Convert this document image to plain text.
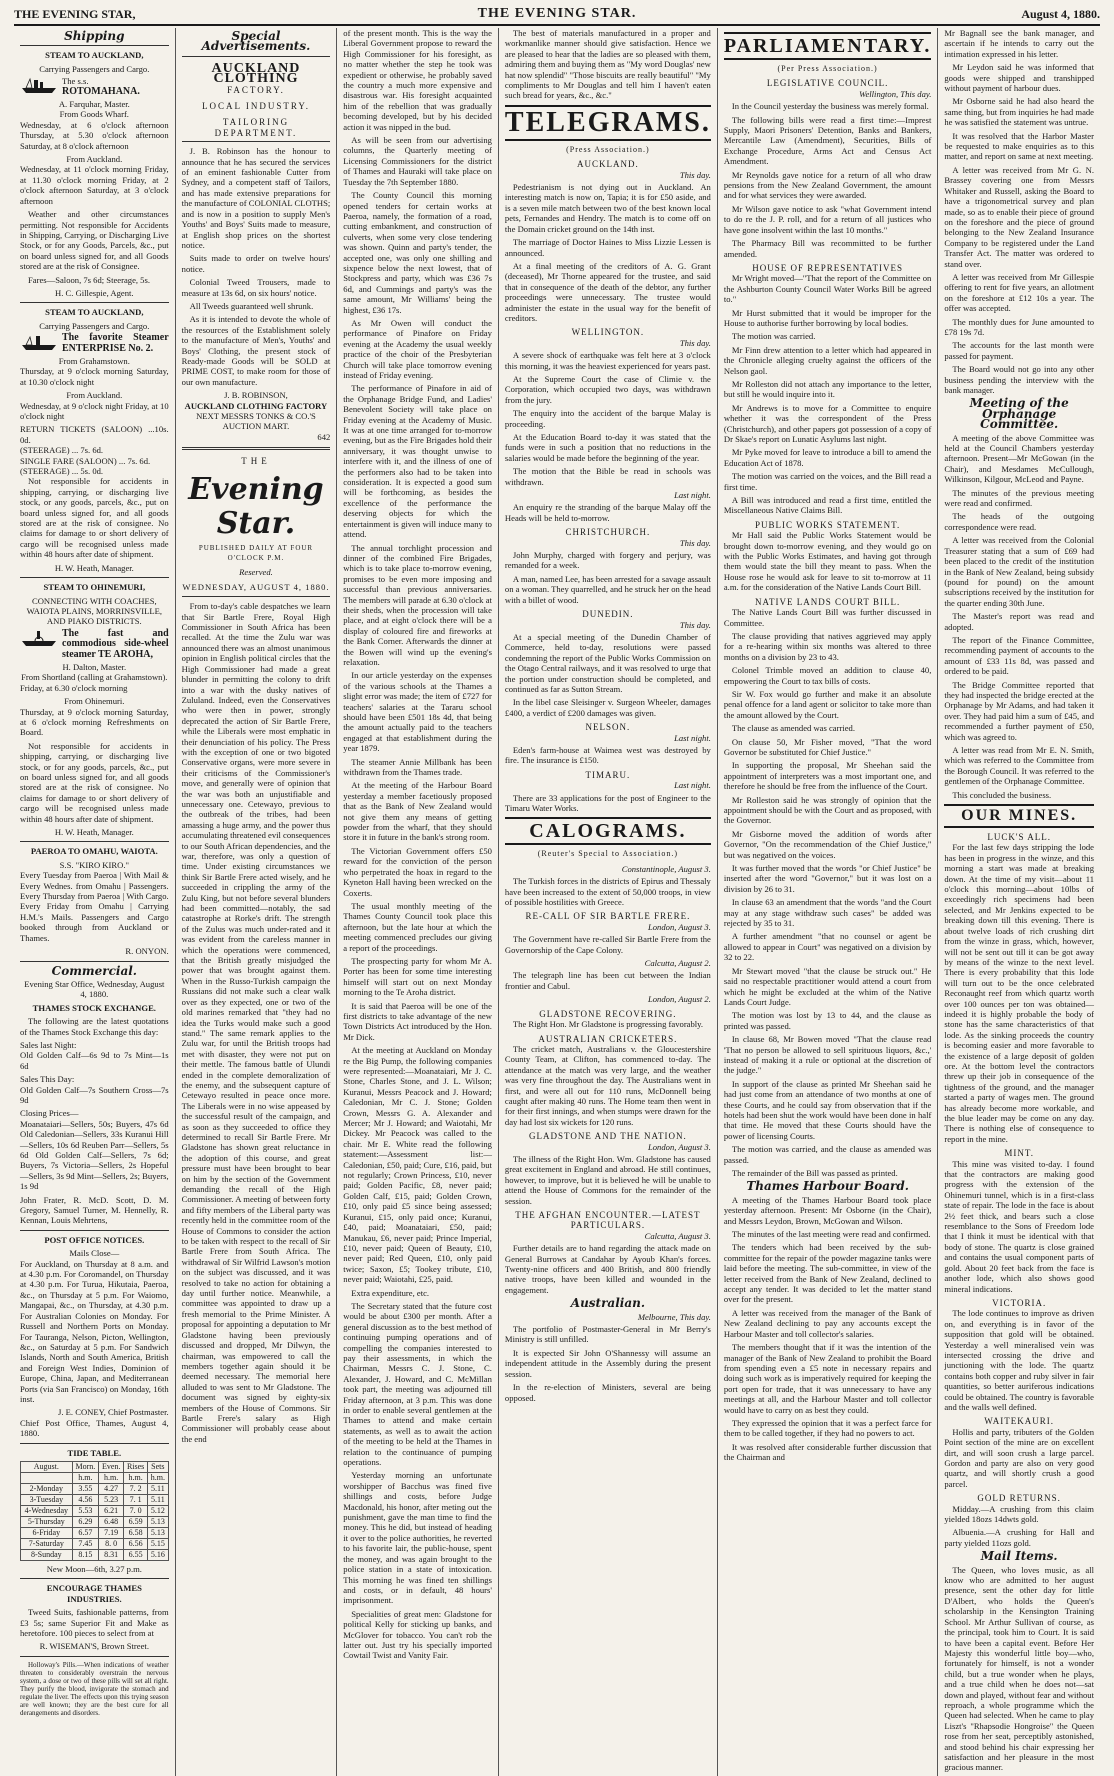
THE EVENING STAR,	THE EVENING STAR.	August 4, 1880.
Shipping
STEAM TO AUCKLAND,
Carrying Passengers and Cargo.
The s.s.
ROTOMAHANA.
A. Farquhar, Master.
From Goods Wharf.

Wednesday, at 6 o'clock afternoon Thursday, at 5.30 o'clock afternoon Saturday, at 8 o'clock afternoon

From Auckland.

Wednesday, at 11 o'clock morning Friday, at 11.30 o'clock morning Friday, at 2 o'clock afternoon Saturday, at 3 o'clock afternoon

Weather and other circumstances permitting. Not responsible for Accidents in Shipping, Carrying, or Discharging Live Stock, or for any Goods, Parcels, &c., put on board unless signed for, and all Goods stored are at the risk of Consignee.

Fares—Saloon, 7s 6d; Steerage, 5s.

H. C. Gillespie, Agent.
STEAM TO AUCKLAND,
Carrying Passengers and Cargo.
The favorite Steamer ENTERPRISE No. 2.
From Grahamstown.

Thursday, at 9 o'clock morning Saturday, at 10.30 o'clock night

From Auckland.

Wednesday, at 9 o'clock night Friday, at 10 o'clock night

RETURN TICKETS (SALOON) ...10s. 0d.
(STEERAGE) ... 7s. 6d.
SINGLE FARE (SALOON) ... 7s. 6d.
(STEERAGE) ... 5s. 0d.

Not responsible for accidents in shipping, carrying, or discharging live stock, or any goods, parcels, &c., put on board unless signed for, and all goods stored are at the risk of consignee. No claims for damage to or short delivery of cargo will be recognised unless made within 48 hours after date of shipment.

H. W. Heath, Manager.
STEAM TO OHINEMURI,
CONNECTING WITH COACHES, WAIOTA PLAINS, MORRINSVILLE, AND PIAKO DISTRICTS.
The fast and commodious side-wheel steamer TE AROHA,
H. Dalton, Master.
From Shortland (calling at Grahamstown).

Friday, at 6.30 o'clock morning

From Ohinemuri.

Thursday, at 9 o'clock morning Saturday, at 6 o'clock morning Refreshments on Board.

Not responsible for accidents in shipping, carrying, or discharging live stock, or for any goods, parcels, &c., put on board unless signed for, and all goods stored are at the risk of consignee. No claims for damage to or short delivery of cargo will be recognised unless made within 48 hours after date of shipment.

H. W. Heath, Manager.
PAEROA TO OMAHU, WAIOTA.
S.S. "KIRO KIRO."

Every Tuesday from Paeroa | With Mail & Every Wednes. from Omahu | Passengers. Every Thursday from Paeroa | With Cargo. Every Friday from Omahu | Carrying H.M.'s Mails. Passengers and Cargo booked through from Auckland or Thames.

R. ONYON.
Commercial.
Evening Star Office, Wednesday, August 4, 1880.
THAMES STOCK EXCHANGE.

The following are the latest quotations of the Thames Stock Exchange this day:

Sales last Night:

Old Golden Calf—6s 9d to 7s Mint—1s 6d

Sales This Day:

Old Golden Calf—7s Southern Cross—7s 9d

Closing Prices—

Moanataiari—Sellers, 50s; Buyers, 47s 6d Old Caledonian—Sellers, 33s Kuranui Hill—Sellers, 10s 6d Reuben Parr—Sellers, 5s 6d Old Golden Calf—Sellers, 7s 6d; Buyers, 7s Victoria—Sellers, 2s Hopeful—Sellers, 3s 9d Mint—Sellers, 2s; Buyers, 1s 9d

John Frater, R. McD. Scott, D. M. Gregory, Samuel Turner, M. Hennelly, R. Kennan, Louis Mehrtens,

POST OFFICE NOTICES.
Mails Close—

For Auckland, on Thursday at 8 a.m. and at 4.30 p.m. For Coromandel, on Thursday at 4.30 p.m. For Turua, Hikutaia, Paeroa, &c., on Thursday at 5 p.m. For Waiomo, Mangapai, &c., on Thursday, at 4.30 p.m. For Australian Colonies on Monday. For Russell and Northern Ports on Monday. For Tauranga, Nelson, Picton, Wellington, &c., on Saturday at 5 p.m. For Sandwich Islands, North and South America, British and Foreign West Indies, Dominion of Europe, China, Japan, and Mediterranean Ports (via San Francisco) on Monday, 16th inst.

J. E. CONEY, Chief Postmaster.
Chief Post Office, Thames, August 4, 1880.
TIDE TABLE.
August.	Morn.	Even.	Rises	Sets
	h.m.	h.m.	h.m.	h.m.
2-Monday	3.55	4.27	7. 2	5.11
3-Tuesday	4.56	5.23	7. 1	5.11
4-Wednesday	5.53	6.21	7. 0	5.12
5-Thursday	6.29	6.48	6.59	5.13
6-Friday	6.57	7.19	6.58	5.13
7-Saturday	7.45	8. 0	6.56	5.15
8-Sunday	8.15	8.31	6.55	5.16
New Moon—6th, 3.27 p.m.
ENCOURAGE THAMES INDUSTRIES.

Tweed Suits, fashionable patterns, from £3 5s; same Superior Fit and Make as heretofore. 100 pieces to select from at

R. WISEMAN'S, Brown Street.

Holloway's Pills.—When indications of weather threaten to considerably overstrain the nervous system, a dose or two of these pills will set all right. They purify the blood, invigorate the stomach and regulate the liver. The effects upon this trying season are well known; they are the best cure for all derangements and disorders.

Special Advertisements.
AUCKLAND CLOTHING
FACTORY.
LOCAL INDUSTRY.
TAILORING DEPARTMENT.

J. B. Robinson has the honour to announce that he has secured the services of an eminent fashionable Cutter from Sydney, and a competent staff of Tailors, and has made extensive preparations for the manufacture of COLONIAL CLOTHS; and is now in a position to supply Men's Youths' and Boys' Suits made to measure, at English shop prices on the shortest notice.

Suits made to order on twelve hours' notice.

Colonial Tweed Trousers, made to measure at 13s 6d, on six hours' notice.

All Tweeds guaranteed well shrunk.

As it is intended to devote the whole of the resources of the Establishment solely to the manufacture of Men's, Youths' and Boys' Clothing, the present stock of Ready-made Goods will be SOLD at PRIME COST, to make room for those of our own manufacture.

J. B. ROBINSON,
AUCKLAND CLOTHING FACTORY
NEXT MESSRS TONKS & CO.'S AUCTION MART.
642
THE
Evening Star.
PUBLISHED DAILY AT FOUR O'CLOCK P.M.
Reserved.
WEDNESDAY, AUGUST 4, 1880.

From to-day's cable despatches we learn that Sir Bartle Frere, Royal High Commissioner in South Africa has been recalled. At the time the Zulu war was announced there was an almost unanimous opinion in English political circles that the High Commissioner had made a great blunder in permitting the colony to drift into a war with the dusky natives of Zululand. Indeed, even the Conservatives who were then in power, strongly deprecated the action of Sir Bartle Frere, while the Liberals were most emphatic in their denunciation of his policy. The Press with the exception of one or two bigoted Conservative organs, were more severe in their criticisms of the Commissioner's move, and generally were of opinion that the war was both an unjustifiable and unnecessary one. Cetewayo, previous to the outbreak of the tribes, had been amassing a huge army, and the power thus accumulating threatened evil consequences to our South African dependencies, and the war, therefore, was only a question of time. Under existing circumstances we think Sir Bartle Frere acted wisely, and he succeeded in crippling the army of the Zulu King, but not before several blunders had been committed—notably, the sad catastrophe at Rorke's drift. The strength of the Zulus was much under-rated and it was evident from the careless manner in which the operations were commenced, that the British greatly misjudged the power that was brought against them. When in the Russo-Turkish campaign the Russians did not make such a clear walk over as they expected, one or two of the old marines remarked that "they had no idea the Turks would make such a good stand." The same remark applies to the Zulu war, for until the British troops had met with disaster, they were not put on their mettle. The famous battle of Ulundi ended in the complete demoralization of the enemy, and the subsequent capture of Cetewayo resulted in peace once more. The Liberals were in no wise appeased by the successful result of the campaign, and as soon as they succeeded to office they determined to recall Sir Bartle Frere. Mr Gladstone has shown great reluctance in the adoption of this course, and great pressure must have been brought to bear on him by the section of the Government demanding the recall of the High Commissioner. A meeting of between forty and fifty members of the Liberal party was recently held in the committee room of the House of Commons to consider the action to be taken with respect to the recall of Sir Bartle Frere from South Africa. The withdrawal of Sir Wilfrid Lawson's motion on the subject was discussed, and it was resolved to take no action for obtaining a day until further notice. Meanwhile, a committee was appointed to draw up a fresh memorial to the Prime Minister. A proposal for appointing a deputation to Mr Gladstone having been previously discussed and dropped, Mr Dilwyn, the chairman, was empowered to call the members together again should it be deemed necessary. The memorial here alluded to was sent to Mr Gladstone. The document was signed by eighty-six members of the House of Commons. Sir Bartle Frere's salary as High Commissioner will probably cease about the end

of the present month. This is the way the Liberal Government propose to reward the High Commissioner for his foresight, as no matter whether the step he took was expedient or otherwise, he probably saved the country a much more expensive and disastrous war. His foresight acquainted him of the rebellion that was gradually becoming developed, but by his decided action it was nipped in the bud.

As will be seen from our advertising columns, the Quarterly meeting of Licensing Commissioners for the district of Thames and Hauraki will take place on Tuesday the 7th September 1880.

The County Council this morning opened tenders for certain works at Paeroa, namely, the formation of a road, cutting embankment, and construction of culverts, when some very close tendering was shown. Quinn and party's tender, the accepted one, was only one shilling and sixpence below the next lowest, that of Stockpress and party, which was £36 7s 6d, and Cummings and party's was the same amount, Mr Williams' being the highest, £36 17s.

As Mr Owen will conduct the performance of Pinafore on Friday evening at the Academy the usual weekly practice of the choir of the Presbyterian Church will take place tomorrow evening instead of Friday evening.

The performance of Pinafore in aid of the Orphanage Bridge Fund, and Ladies' Benevolent Society will take place on Friday evening at the Academy of Music. It was at one time arranged for to-morrow evening, but as the Fire Brigades hold their anniversary, it was thought unwise to interfere with it, and the illness of one of the performers also had to be taken into consideration. It is expected a good sum will be forthcoming, as besides the excellence of the performance the deserving objects for which the entertainment is given will induce many to attend.

The annual torchlight procession and dinner of the combined Fire Brigades, which is to take place to-morrow evening, promises to be even more imposing and successful than previous anniversaries. The members will parade at 6.30 o'clock at their sheds, when the procession will take place, and at eight o'clock there will be a display of coloured fire and fireworks at the Bank Corner. Afterwards the dinner at the Bowen will wind up the evening's relaxation.

In our article yesterday on the expenses of the various schools at the Thames a slight error was made; the item of £727 for teachers' salaries at the Tararu school should have been £501 18s 4d, that being the amount actually paid to the teachers engaged at that establishment during the year 1879.

The steamer Annie Millbank has been withdrawn from the Thames trade.

At the meeting of the Harbour Board yesterday a member facetiously proposed that as the Bank of New Zealand would not give them any means of getting powder from the wharf, that they should store it in future in the bank's strong room.

The Victorian Government offers £50 reward for the conviction of the person who perpetrated the hoax in regard to the Kyneton Hall having been wrecked on the Coxerts.

The usual monthly meeting of the Thames County Council took place this afternoon, but the late hour at which the meeting commenced precludes our giving a report of the proceedings.

The prospecting party for whom Mr A. Porter has been for some time interesting himself will start out on next Monday morning to the Te Aroha district.

It is said that Paeroa will be one of the first districts to take advantage of the new Town Districts Act introduced by the Hon. Mr Dick.

At the meeting at Auckland on Monday re the Big Pump, the following companies were represented:—Moanataiari, Mr J. C. Stone, Charles Stone, and J. L. Wilson; Kuranui, Messrs Peacock and J. Howard; Caledonian, Mr C. J. Stone; Golden Crown, Messrs G. A. Alexander and Mercer; Mr J. Howard; and Waiotahi, Mr Dickey. Mr Peacock was called to the chair. Mr E. White read the following statement:—Assessment list:—Caledonian, £50, paid; Cure, £16, paid, but not regularly; Crown Princess, £10, never paid; Golden Pacific, £8, never paid; Golden Calf, £15, paid; Golden Crown, £10, only paid £5 since being assessed; Kuranui, £15, only paid once; Kuranui, £40, paid; Moanataiari, £50, paid; Manukau, £6, never paid; Prince Imperial, £10, never paid; Queen of Beauty, £10, never paid; Red Queen, £10, only paid twice; Saxon, £5; Tookey tribute, £10, never paid; Waiotahi, £25, paid.

Extra expenditure, etc.

The Secretary stated that the future cost would be about £300 per month. After a general discussion as to the best method of continuing pumping operations and of compelling the companies interested to pay their assessments, in which the Chairman, Messrs C. J. Stone, C. Alexander, J. Howard, and C. McMillan took part, the meeting was adjourned till Friday afternoon, at 3 p.m. This was done in order to enable several gentlemen at the Thames to attend and make certain statements, as well as to await the action of the meeting to be held at the Thames in relation to the continuance of pumping operations.

Yesterday morning an unfortunate worshipper of Bacchus was fined five shillings and costs, before Judge Macdonald, his honor, after meting out the punishment, gave the man time to find the money. This he did, but instead of heading it over to the police authorities, he reverted to his favorite lair, the public-house, spent the money, and was again brought to the police station in a state of intoxication. This morning he was fined ten shillings and costs, or in default, 48 hours' imprisonment.

Specialities of great men: Gladstone for political Kelly for sticking up banks, and McGlover for tobacco. You can't rob the latter out. Just try his specially imported Cowtail Twist and Vanity Fair.

The best of materials manufactured in a proper and workmanlike manner should give satisfaction. Hence we are pleased to hear that the ladies are so pleased with them, admiring them and buying them as "My word Douglas' new hat now splendid" "Those biscuits are really beautiful" "My compliments to Mr Douglas and tell him I haven't eaten such bread for years, &c., &c."

TELEGRAMS.
(Press Association.)
AUCKLAND.
This day.

Pedestrianism is not dying out in Auckland. An interesting match is now on, Tapia; it is for £50 aside, and is a seven mile match between two of the best known local pets, Fernandes and Hendry. The match is to come off on the Domain cricket ground on the 14th inst.

The marriage of Doctor Haines to Miss Lizzie Lessen is announced.

At a final meeting of the creditors of A. G. Grant (deceased), Mr Thorne appeared for the trustee, and said that in consequence of the death of the debtor, any further proceedings were unnecessary. The trustee would administer the estate in the usual way for the benefit of creditors.

WELLINGTON.
This day.

A severe shock of earthquake was felt here at 3 o'clock this morning, it was the heaviest experienced for years past.

At the Supreme Court the case of Climie v. the Corporation, which occupied two days, was withdrawn from the jury.

The enquiry into the accident of the barque Malay is proceeding.

At the Education Board to-day it was stated that the funds were in such a position that no reductions in the salaries would be made before the beginning of the year.

The motion that the Bible be read in schools was withdrawn.

Last night.

An enquiry re the stranding of the barque Malay off the Heads will be held to-morrow.

CHRISTCHURCH.
This day.

John Murphy, charged with forgery and perjury, was remanded for a week.

A man, named Lee, has been arrested for a savage assault on a woman. They quarrelled, and he struck her on the head with a billet of wood.

DUNEDIN.
This day.

At a special meeting of the Dunedin Chamber of Commerce, held to-day, resolutions were passed condemning the report of the Public Works Commission on the Otago Central railways, and it was resolved to urge that the portion under construction should be completed, and continued as far as Sutton Stream.

In the libel case Sleisinger v. Surgeon Wheeler, damages £400, a verdict of £200 damages was given.

NELSON.
Last night.

Eden's farm-house at Waimea west was destroyed by fire. The insurance is £150.

TIMARU.
Last night.

There are 33 applications for the post of Engineer to the Timaru Water Works.

CALOGRAMS.
(Reuter's Special to Association.)
Constantinople, August 3.

The Turkish forces in the districts of Epirus and Thessaly have been increased to the extent of 50,000 troops, in view of possible hostilities with Greece.

RE-CALL OF SIR BARTLE FRERE.
London, August 3.

The Government have re-called Sir Bartle Frere from the Governorship of the Cape Colony.

Calcutta, August 2.

The telegraph line has been cut between the Indian frontier and Cabul.

London, August 2.
GLADSTONE RECOVERING.

The Right Hon. Mr Gladstone is progressing favorably.

AUSTRALIAN CRICKETERS.

The cricket match, Australians v. the Gloucestershire County Team, at Clifton, has commenced to-day. The attendance at the match was very large, and the weather was very fine throughout the day. The Australians went in first, and were all out for 110 runs, McDonnell being caught after making 40 runs. The Home team then went in for their first innings, and when stumps were drawn for the day had lost six wickets for 120 runs.

GLADSTONE AND THE NATION.
London, August 3.

The illness of the Right Hon. Wm. Gladstone has caused great excitement in England and abroad. He still continues, however, to improve, but it is believed he will be unable to attend the House of Commons for the remainder of the session.

THE AFGHAN ENCOUNTER.—LATEST PARTICULARS.
Calcutta, August 3.

Further details are to hand regarding the attack made on General Burrows at Candahar by Ayoub Khan's forces. Twenty-nine officers and 400 British, and 800 friendly native troops, have been killed and wounded in the engagement.

Australian.
Melbourne, This day.

The portfolio of Postmaster-General in Mr Berry's Ministry is still unfilled.

It is expected Sir John O'Shannessy will assume an independent attitude in the Assembly during the present session.

In the re-election of Ministers, several are being opposed.

PARLIAMENTARY.
(Per Press Association.)
LEGISLATIVE COUNCIL.
Wellington, This day.

In the Council yesterday the business was merely formal.

The following bills were read a first time:—Imprest Supply, Maori Prisoners' Detention, Banks and Bankers, Mercantile Law (Amendment), Securities, Bills of Exchange Procedure, Arms Act and Census Act Amendment.

Mr Reynolds gave notice for a return of all who draw pensions from the New Zealand Government, the amount and for what services they were awarded.

Mr Wilson gave notice to ask "what Government intend to do re the J. P. roll, and for a return of all justices who have gone insolvent within the last 10 months."

The Pharmacy Bill was recommitted to be further amended.

HOUSE OF REPRESENTATIVES

Mr Wright moved—"That the report of the Committee on the Ashburton County Council Water Works Bill be agreed to."

Mr Hurst submitted that it would be improper for the House to authorise further borrowing by local bodies.

The motion was carried.

Mr Finn drew attention to a letter which had appeared in the Chronicle alleging cruelty against the officers of the Nelson gaol.

Mr Rolleston did not attach any importance to the letter, but still he would inquire into it.

Mr Andrews is to move for a Committee to enquire whether it was the correspondent of the Press (Christchurch), and other papers got possession of a copy of Dr Skae's report on Lunatic Asylums last night.

Mr Pyke moved for leave to introduce a bill to amend the Education Act of 1878.

The motion was carried on the voices, and the Bill read a first time.

A Bill was introduced and read a first time, entitled the Miscellaneous Native Claims Bill.

PUBLIC WORKS STATEMENT.

Mr Hall said the Public Works Statement would be brought down to-morrow evening, and they would go on with the Public Works Estimates, and having got through them would state the bill they meant to pass. When the House rose he would ask for leave to sit to-morrow at 11 a.m. for the consideration of the Native Lands Court Bill.

NATIVE LANDS COURT BILL.

The Native Lands Court Bill was further discussed in Committee.

The clause providing that natives aggrieved may apply for a re-hearing within six months was altered to three months on a division by 23 to 43.

Colonel Trimble moved an addition to clause 40, empowering the Court to tax bills of costs.

Sir W. Fox would go further and make it an absolute penal offence for a land agent or solicitor to take more than the amount allowed by the Court.

The clause as amended was carried.

On clause 50, Mr Fisher moved, "That the word Governor be substituted for Chief Justice."

In supporting the proposal, Mr Sheehan said the appointment of interpreters was a most important one, and therefore he should be free from the influence of the Court.

Mr Rolleston said he was strongly of opinion that the appointment should be with the Court and as proposed, with the Governor.

Mr Gisborne moved the addition of words after Governor, "On the recommendation of the Chief Justice," but was negatived on the voices.

It was further moved that the words "or Chief Justice" be inserted after the word "Governor," but it was lost on a division by 26 to 31.

In clause 63 an amendment that the words "and the Court may at any stage withdraw such cases" be added was rejected by 35 to 31.

A further amendment "that no counsel or agent be allowed to appear in Court" was negatived on a division by 32 to 22.

Mr Stewart moved "that the clause be struck out." He said no respectable practitioner would attend a court from which he might be excluded at the whim of the Native Lands Court Judge.

The motion was lost by 13 to 44, and the clause as printed was passed.

In clause 68, Mr Bowen moved "That the clause read 'That no person be allowed to sell spirituous liquors, &c.,' instead of making it a rule or optional at the discretion of the judge."

In support of the clause as printed Mr Sheehan said he had just come from an attendance of two months at one of these Courts, and he could say from observation that if the hotels had been shut the work would have been done in half that time. He moved that these Courts should have the power of licensing Courts.

The motion was carried, and the clause as amended was passed.

The remainder of the Bill was passed as printed.

Thames Harbour Board.

A meeting of the Thames Harbour Board took place yesterday afternoon. Present: Mr Osborne (in the Chair), and Messrs Leydon, Brown, McGowan and Wilson.

The minutes of the last meeting were read and confirmed.

The tenders which had been received by the sub-committee for the repair of the powder magazine tanks were laid before the meeting. The sub-committee, in view of the letter received from the Bank of New Zealand, declined to accept any tender. It was decided to let the matter stand over for the present.

A letter was received from the manager of the Bank of New Zealand declining to pay any accounts except the Harbour Master and toll collector's salaries.

The members thought that if it was the intention of the manager of the Bank of New Zealand to prohibit the Board from spending even a £5 note in necessary repairs and doing such work as is imperatively required for keeping the port open for trade, that it was unnecessary to have any meetings at all, and the Harbour Master and toll collector would have to carry on as best they could.

They expressed the opinion that it was a perfect farce for them to be called together, if they had no powers to act.

It was resolved after considerable further discussion that the Chairman and

Mr Bagnall see the bank manager, and ascertain if he intends to carry out the intimation expressed in his letter.

Mr Leydon said he was informed that goods were shipped and transhipped without payment of harbour dues.

Mr Osborne said he had also heard the same thing, but from inquiries he had made he was satisfied the statement was untrue.

It was resolved that the Harbor Master be requested to make enquiries as to this matter, and report on same at next meeting.

A letter was received from Mr G. N. Brassey covering one from Messrs Whitaker and Russell, asking the Board to have a trigonometrical survey and plan made, so as to enable their piece of ground on the foreshore and the piece of ground belonging to the New Zealand Insurance Company to be registered under the Land Transfer Act. The matter was ordered to stand over.

A letter was received from Mr Gillespie offering to rent for five years, an allotment on the foreshore at £12 10s a year. The offer was accepted.

The monthly dues for June amounted to £78 19s 7d.

The accounts for the last month were passed for payment.

The Board would not go into any other business pending the interview with the bank manager.

Meeting of the Orphanage Committee.

A meeting of the above Committee was held at the Council Chambers yesterday afternoon. Present—Mr McGowan (in the Chair), and Mesdames McCullough, Wilkinson, Kilgour, McLeod and Payne.

The minutes of the previous meeting were read and confirmed.

The heads of the outgoing correspondence were read.

A letter was received from the Colonial Treasurer stating that a sum of £69 had been placed to the credit of the institution in the Bank of New Zealand, being subsidy (pound for pound) on the amount subscriptions received by the institution for the quarter ending 30th June.

The Master's report was read and adopted.

The report of the Finance Committee, recommending payment of accounts to the amount of £33 11s 8d, was passed and ordered to be paid.

The Bridge Committee reported that they had inspected the bridge erected at the Orphanage by Mr Adams, and had taken it over. They had paid him a sum of £45, and recommended a further payment of £50, which was agreed to.

A letter was read from Mr E. N. Smith, which was referred to the Committee from the Borough Council. It was referred to the gentlemen of the Orphanage Committee.

This concluded the business.

OUR MINES.
LUCK'S ALL.

For the last few days stripping the lode has been in progress in the winze, and this morning a start was made at breaking down. At the time of my visit—about 11 o'clock this morning—about 10lbs of exceedingly rich specimens had been selected, and Mr Jenkins expected to be breaking down till this evening. There is about twelve loads of rich crushing dirt from the winze in grass, which, however, will not be sent out till it can be got away by means of the winze to the next level. There is every probability that this lode will turn out to be the once celebrated Reconaught reef from which quartz worth over 100 ounces per ton was obtained—indeed it is highly probable the body of stone has the same characteristics of that lode. As the sinking proceeds the country is becoming easier and more favorable to the existence of a large deposit of golden ore. At the bottom level the contractors threw up their job in consequence of the tightness of the ground, and the manager started a party of wages men. The ground has already become more workable, and the blue leader may be come on any day. There is nothing else of consequence to report in the mine.

MINT.

This mine was visited to-day. I found that the contractors are making good progress with the extension of the Ohinemuri tunnel, which is in a first-class state of repair. The lode in the face is about 2½ feet thick, and bears such a close resemblance to the Sons of Freedom lode that I think it must be identical with that body of stone. The quartz is close grained and contains the usual component parts of gold. About 20 feet back from the face is another lode, which also shows good mineral indications.

VICTORIA.

The lode continues to improve as driven on, and everything is in favor of the supposition that gold will be obtained. Yesterday a well mineralised vein was intersected crossing the drive and junctioning with the lode. The quartz contains both copper and ruby silver in fair quantities, so better auriferous indications could be obtained. The country is favorable and the walls well defined.

WAITEKAURI.

Hollis and party, tributers of the Golden Point section of the mine are on excellent dirt, and will soon crush a large parcel. Gordon and party are also on very good quartz, and will shortly crush a good parcel.

GOLD RETURNS.

Midday.—A crushing from this claim yielded 18ozs 14dwts gold.

Albuenia.—A crushing for Hall and party yielded 11ozs gold.

Mail Items.

The Queen, who loves music, as all know who are admitted to her august presence, sent the other day for little D'Albert, who holds the Queen's scholarship in the Kensington Training School. Mr Arthur Sullivan of course, as the principal, took him to Court. It is said to have been a capital event. Before Her Majesty this wonderful little boy—who, fortunately for himself, is not a wonder child, but a true wonder when he plays, and a true child when he does not—sat down and played, without fear and without reproach, a whole programme which the Queen had selected. When he came to play Liszt's "Rhapsodie Hongroise" the Queen rose from her seat, perceptibly astonished, and stood behind his chair expressing her satisfaction and her pleasure in the most gracious manner.
